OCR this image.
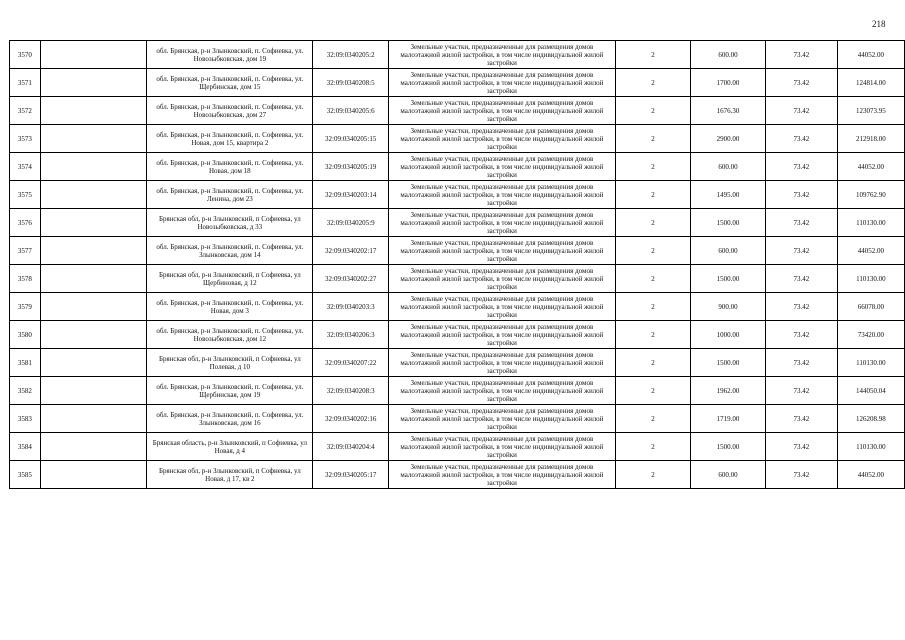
218
3570		обл. Брянская, р-н Злынковский, п. Софиевка, ул. Новозыбковская, дом 19	32:09:0340205:2	Земельные участки, предназначенные для размещения домов малоэтажной жилой застройки, в том числе индивидуальной жилой застройки	2	600.00	73.42	44052.00
3571		обл. Брянская, р-н Злынковский, п. Софиевка, ул. Щербинская, дом 15	32:09:0340208:5	Земельные участки, предназначенные для размещения домов малоэтажной жилой застройки, в том числе индивидуальной жилой застройки	2	1700.00	73.42	124814.00
3572		обл. Брянская, р-н Злынковский, п. Софиевка, ул. Новозыбковская, дом 27	32:09:0340205:6	Земельные участки, предназначенные для размещения домов малоэтажной жилой застройки, в том числе индивидуальной жилой застройки	2	1676.30	73.42	123073.95
3573		обл. Брянская, р-н Злынковский, п. Софиевка, ул. Новая, дом 15, квартира 2	32:09:0340205:15	Земельные участки, предназначенные для размещения домов малоэтажной жилой застройки, в том числе индивидуальной жилой застройки	2	2900.00	73.42	212918.00
3574		обл. Брянская, р-н Злынковский, п. Софиевка, ул. Новая, дом 18	32:09:0340205:19	Земельные участки, предназначенные для размещения домов малоэтажной жилой застройки, в том числе индивидуальной жилой застройки	2	600.00	73.42	44052.00
3575		обл. Брянская, р-н Злынковский, п. Софиевка, ул. Ленина, дом 23	32:09:0340203:14	Земельные участки, предназначенные для размещения домов малоэтажной жилой застройки, в том числе индивидуальной жилой застройки	2	1495.00	73.42	109762.90
3576		Брянская обл, р-н Злынковский, п Софиевка, ул Новозыбковская, д 33	32:09:0340205:9	Земельные участки, предназначенные для размещения домов малоэтажной жилой застройки, в том числе индивидуальной жилой застройки	2	1500.00	73.42	110130.00
3577		обл. Брянская, р-н Злынковский, п. Софиевка, ул. Злынковская, дом 14	32:09:0340202:17	Земельные участки, предназначенные для размещения домов малоэтажной жилой застройки, в том числе индивидуальной жилой застройки	2	600.00	73.42	44052.00
3578		Брянская обл, р-н Злынковский, п Софиевка, ул Щербиновая, д 12	32:09:0340202:27	Земельные участки, предназначенные для размещения домов малоэтажной жилой застройки, в том числе индивидуальной жилой застройки	2	1500.00	73.42	110130.00
3579		обл. Брянская, р-н Злынковский, п. Софиевка, ул. Новая, дом 3	32:09:0340203:3	Земельные участки, предназначенные для размещения домов малоэтажной жилой застройки, в том числе индивидуальной жилой застройки	2	900.00	73.42	66078.00
3580		обл. Брянская, р-н Злынковский, п. Софиевка, ул. Новозыбковская, дом 12	32:09:0340206:3	Земельные участки, предназначенные для размещения домов малоэтажной жилой застройки, в том числе индивидуальной жилой застройки	2	1000.00	73.42	73420.00
3581		Брянская обл, р-н Злынковский, п Софиевка, ул Полевая, д 10	32:09:0340207:22	Земельные участки, предназначенные для размещения домов малоэтажной жилой застройки, в том числе индивидуальной жилой застройки	2	1500.00	73.42	110130.00
3582		обл. Брянская, р-н Злынковский, п. Софиевка, ул. Щербинская, дом 19	32:09:0340208:3	Земельные участки, предназначенные для размещения домов малоэтажной жилой застройки, в том числе индивидуальной жилой застройки	2	1962.00	73.42	144050.04
3583		обл. Брянская, р-н Злынковский, п. Софиевка, ул. Злынковская, дом 16	32:09:0340202:16	Земельные участки, предназначенные для размещения домов малоэтажной жилой застройки, в том числе индивидуальной жилой застройки	2	1719.00	73.42	126208.98
3584		Брянская область, р-н Злынковский, п Софиевка, ул Новая, д 4	32:09:0340204:4	Земельные участки, предназначенные для размещения домов малоэтажной жилой застройки, в том числе индивидуальной жилой застройки	2	1500.00	73.42	110130.00
3585		Брянская обл, р-н Злынковский, п Софиевка, ул Новая, д 17, кв 2	32:09:0340205:17	Земельные участки, предназначенные для размещения домов малоэтажной жилой застройки, в том числе индивидуальной жилой застройки	2	600.00	73.42	44052.00
